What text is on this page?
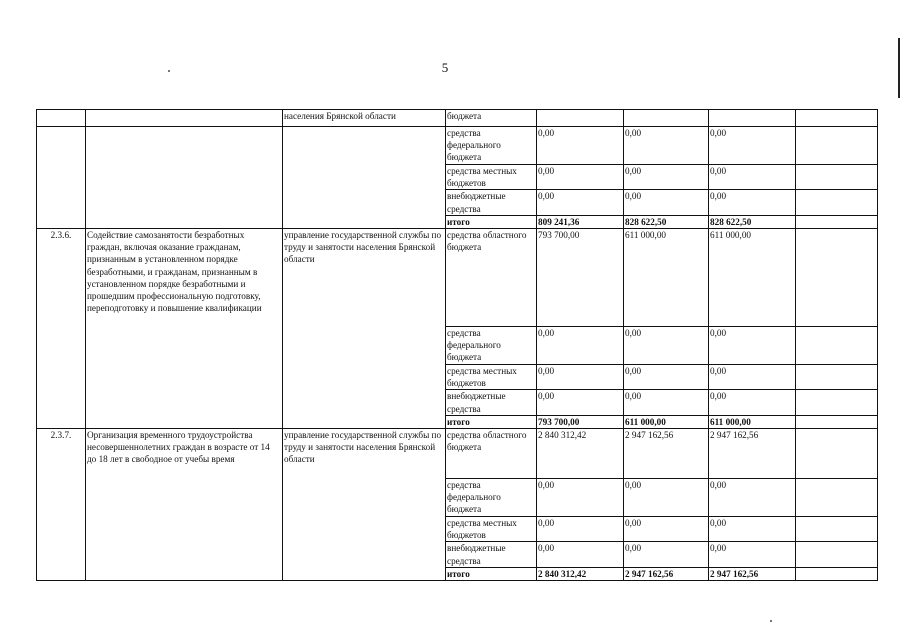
5
		населения Брянской области	бюджета				
			средства федерального бюджета	0,00	0,00	0,00	
			средства местных бюджетов	0,00	0,00	0,00	
			внебюджетные средства	0,00	0,00	0,00	
			итого	809 241,36	828 622,50	828 622,50	
2.3.6.	Содействие самозанятости безработных граждан, включая оказание гражданам, признанным в установленном порядке безработными, и гражданам, признанным в установленном порядке безработными и прошедшим профессиональную подготовку, переподготовку и повышение квалификации	управление государственной службы по труду и занятости населения Брянской области	средства областного бюджета	793 700,00	611 000,00	611 000,00	
			средства федерального бюджета	0,00	0,00	0,00	
			средства местных бюджетов	0,00	0,00	0,00	
			внебюджетные средства	0,00	0,00	0,00	
			итого	793 700,00	611 000,00	611 000,00	
2.3.7.	Организация временного трудоустройства несовершеннолетних граждан в возрасте от 14 до 18 лет в свободное от учебы время	управление государственной службы по труду и занятости населения Брянской области	средства областного бюджета	2 840 312,42	2 947 162,56	2 947 162,56	
			средства федерального бюджета	0,00	0,00	0,00	
			средства местных бюджетов	0,00	0,00	0,00	
			внебюджетные средства	0,00	0,00	0,00	
			итого	2 840 312,42	2 947 162,56	2 947 162,56	
